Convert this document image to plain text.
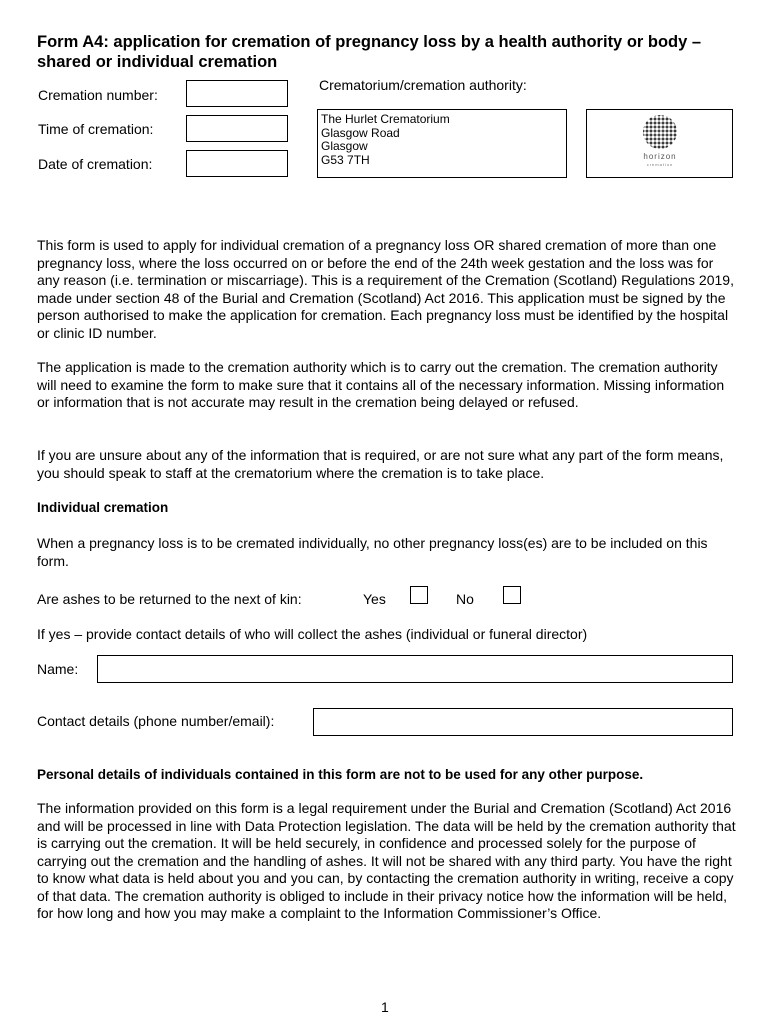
Form A4: application for cremation of pregnancy loss by a health authority or body – shared or individual cremation
Cremation number:
Time of cremation:
Date of cremation:
Crematorium/cremation authority:
The Hurlet Crematorium
Glasgow Road
Glasgow
G53 7TH	horizon
cremation
This form is used to apply for individual cremation of a pregnancy loss OR shared cremation of more than one pregnancy loss, where the loss occurred on or before the end of the 24th week gestation and the loss was for any reason (i.e. termination or miscarriage). This is a requirement of the Cremation (Scotland) Regulations 2019, made under section 48 of the Burial and Cremation (Scotland) Act 2016. This application must be signed by the person authorised to make the application for cremation. Each pregnancy loss must be identified by the hospital or clinic ID number.
The application is made to the cremation authority which is to carry out the cremation. The cremation authority will need to examine the form to make sure that it contains all of the necessary information. Missing information or information that is not accurate may result in the cremation being delayed or refused.
If you are unsure about any of the information that is required, or are not sure what any part of the form means, you should speak to staff at the crematorium where the cremation is to take place.
Individual cremation
When a pregnancy loss is to be cremated individually, no other pregnancy loss(es) are to be included on this form.
Are ashes to be returned to the next of kin:	Yes	No
If yes – provide contact details of who will collect the ashes (individual or funeral director)
Name:
Contact details (phone number/email):
Personal details of individuals contained in this form are not to be used for any other purpose.
The information provided on this form is a legal requirement under the Burial and Cremation (Scotland) Act 2016 and will be processed in line with Data Protection legislation. The data will be held by the cremation authority that is carrying out the cremation. It will be held securely, in confidence and processed solely for the purpose of carrying out the cremation and the handling of ashes. It will not be shared with any third party. You have the right to know what data is held about you and you can, by contacting the cremation authority in writing, receive a copy of that data. The cremation authority is obliged to include in their privacy notice how the information will be held, for how long and how you may make a complaint to the Information Commissioner’s Office.
1
